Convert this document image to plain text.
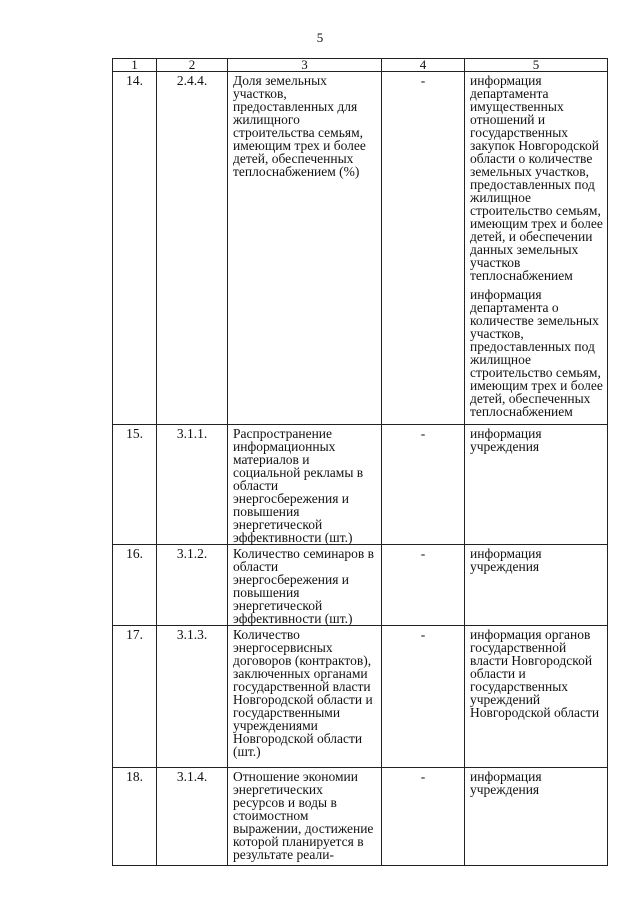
5
1	2	3	4	5
14.	2.4.4.	Доля земельных участков, предоставленных для жилищного строительства семьям, имеющим трех и более детей, обеспеченных теплоснабжением (%)	-	информация департамента имущественных отношений и государственных закупок Новгородской области о количестве земельных участков, предоставленных под жилищное строительство семьям, имеющим трех и более детей, и обеспечении данных земельных участков теплоснабжением
информация департамента о количестве земельных участков, предоставленных под жилищное строительство семьям, имеющим трех и более детей, обеспеченных теплоснабжением

15.	3.1.1.	Распространение информационных материалов и социальной рекламы в области энергосбережения и повышения энергетической эффективности (шт.)	-	информация учреждения

16.	3.1.2.	Количество семинаров в области энергосбережения и повышения энергетической эффективности (шт.)	-	информация учреждения

17.	3.1.3.	Количество энергосервисных договоров (контрактов), заключенных органами государственной власти Новгородской области и государственными учреждениями Новгородской области (шт.)	-	информация органов государственной власти Новгородской области и государственных учреждений Новгородской области

18.	3.1.4.	Отношение экономии энергетических ресурсов и воды в стоимостном выражении, достижение которой планируется в результате реали-	-	информация учреждения
